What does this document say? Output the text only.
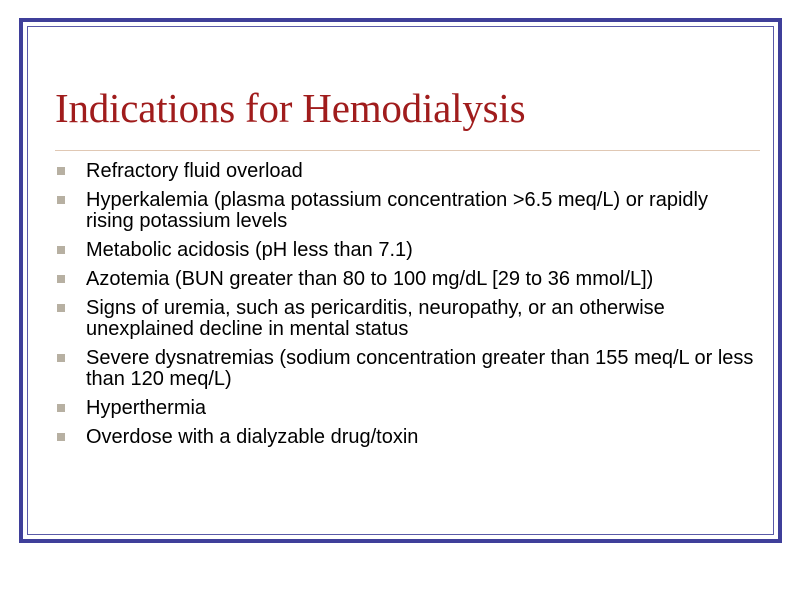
Indications for Hemodialysis
Refractory fluid overload
Hyperkalemia (plasma potassium concentration >6.5 meq/L) or rapidly rising potassium levels
Metabolic acidosis (pH less than 7.1)
Azotemia (BUN greater than 80 to 100 mg/dL [29 to 36 mmol/L])
Signs of uremia, such as pericarditis, neuropathy, or an otherwise unexplained decline in mental status
Severe dysnatremias (sodium concentration greater than 155 meq/L or less than 120 meq/L)
Hyperthermia
Overdose with a dialyzable drug/toxin
